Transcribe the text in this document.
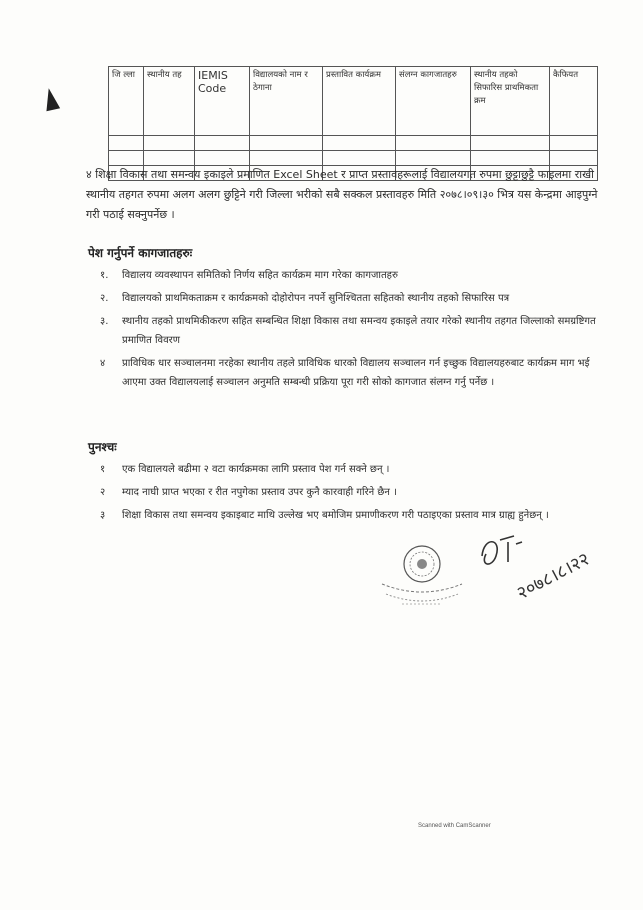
जि ल्ला	स्थानीय तह	IEMIS Code	विद्यालयको नाम र ठेगाना	प्रस्तावित कार्यक्रम	संलग्न कागजातहरु	स्थानीय तहको सिफारिस प्राथमिकता क्रम	कैफियत

४ शिक्षा विकास तथा समन्वय इकाइले प्रमाणित Excel Sheet र प्राप्त प्रस्तावहरूलाई विद्यालयगत रुपमा छुट्टाछुट्टै फाइलमा राखी स्थानीय तहगत रुपमा अलग अलग छुट्टिने गरी जिल्ला भरीको सबै सक्कल प्रस्तावहरु मिति २०७८।०९।३० भित्र यस केन्द्रमा आइपुग्ने गरी पठाई सक्नुपर्नेछ ।
पेश गर्नुपर्ने कागजातहरुः
१.	विद्यालय व्यवस्थापन समितिको निर्णय सहित कार्यक्रम माग गरेका कागजातहरु
२.	विद्यालयको प्राथमिकताक्रम र कार्यक्रमको दोहोरोपन नपर्ने सुनिश्चितता सहितको स्थानीय तहको सिफारिस पत्र
३.	स्थानीय तहको प्राथमिकीकरण सहित सम्बन्धित शिक्षा विकास तथा समन्वय इकाइले तयार गरेको स्थानीय तहगत जिल्लाको समग्रष्टिगत प्रमाणित विवरण
४	प्राविधिक धार सञ्चालनमा नरहेका स्थानीय तहले प्राविधिक धारको विद्यालय सञ्चालन गर्न इच्छुक विद्यालयहरुबाट कार्यक्रम माग भई आएमा उक्त विद्यालयलाई सञ्चालन अनुमति सम्बन्धी प्रक्रिया पूरा गरी सोको कागजात संलग्न गर्नु पर्नेछ ।
पुनश्चः
१	एक विद्यालयले बढीमा २ वटा कार्यक्रमका लागि प्रस्ताव पेश गर्न सक्ने छन् ।
२	म्याद नाघी प्राप्त भएका र रीत नपुगेका प्रस्ताव उपर कुनै कारवाही गरिने छैन ।
३	शिक्षा विकास तथा समन्वय इकाइबाट माथि उल्लेख भए बमोजिम प्रमाणीकरण गरी पठाइएका प्रस्ताव मात्र ग्राह्य हुनेछन् ।
२०७८।८।२२
Scanned with CamScanner
